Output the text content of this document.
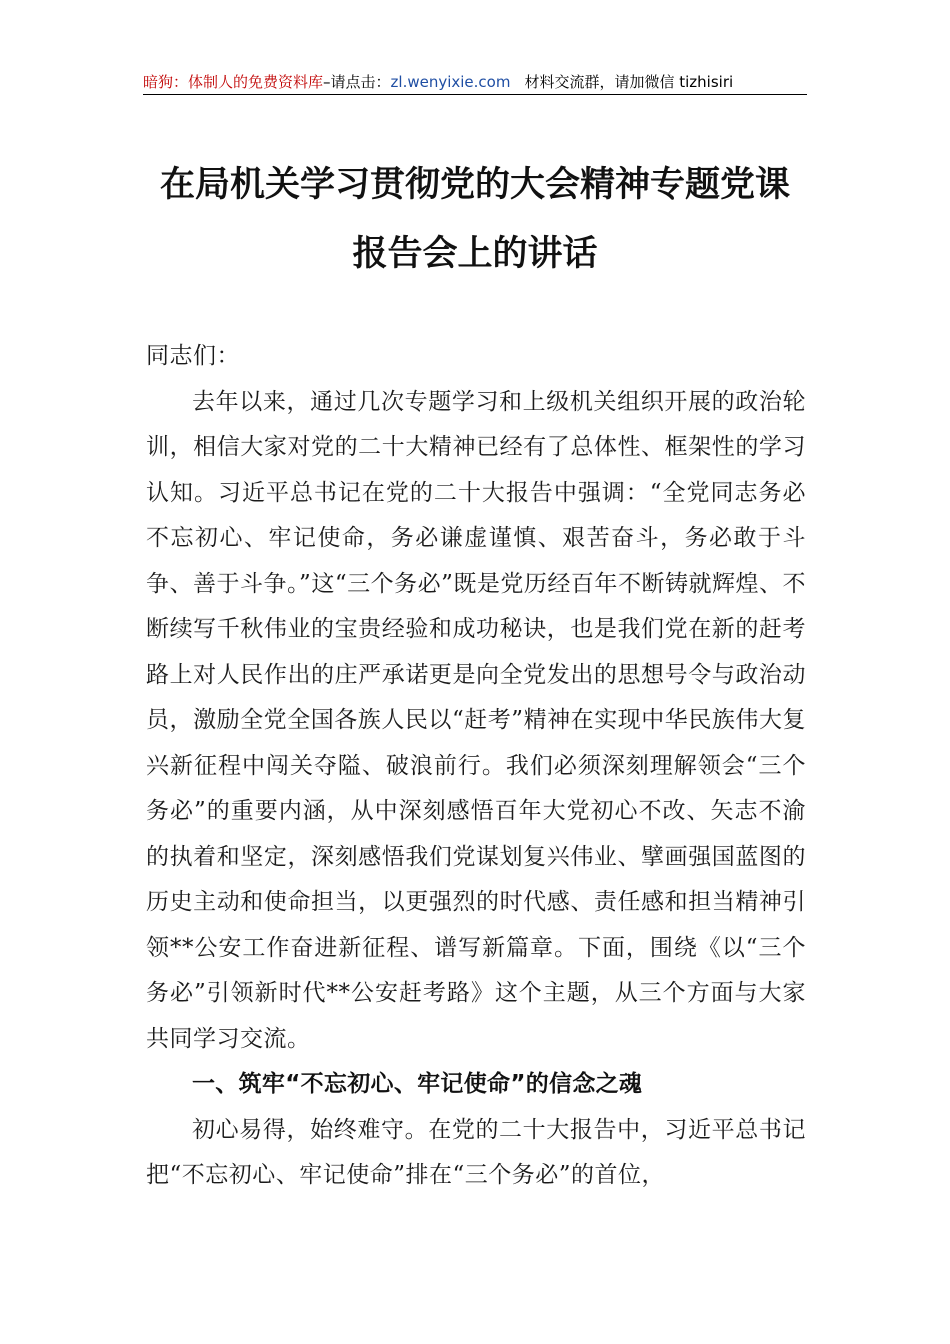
暗狗：体制人的免费资料库–请点击：zl.wenyixie.com 材料交流群，请加微信 tizhisiri
在局机关学习贯彻党的大会精神专题党课
报告会上的讲话

同志们：

去年以来，通过几次专题学习和上级机关组织开展的政治轮训，相信大家对党的二十大精神已经有了总体性、框架性的学习认知。习近平总书记在党的二十大报告中强调：“全党同志务必不忘初心、牢记使命，务必谦虚谨慎、艰苦奋斗，务必敢于斗争、善于斗争。”这“三个务必”既是党历经百年不断铸就辉煌、不断续写千秋伟业的宝贵经验和成功秘诀，也是我们党在新的赶考路上对人民作出的庄严承诺更是向全党发出的思想号令与政治动员，激励全党全国各族人民以“赶考”精神在实现中华民族伟大复兴新征程中闯关夺隘、破浪前行。我们必须深刻理解领会“三个务必”的重要内涵，从中深刻感悟百年大党初心不改、矢志不渝的执着和坚定，深刻感悟我们党谋划复兴伟业、擘画强国蓝图的历史主动和使命担当，以更强烈的时代感、责任感和担当精神引领**公安工作奋进新征程、谱写新篇章。下面，围绕《以“三个务必”引领新时代**公安赶考路》这个主题，从三个方面与大家共同学习交流。

一、筑牢“不忘初心、牢记使命”的信念之魂

初心易得，始终难守。在党的二十大报告中，习近平总书记把“不忘初心、牢记使命”排在“三个务必”的首位，
